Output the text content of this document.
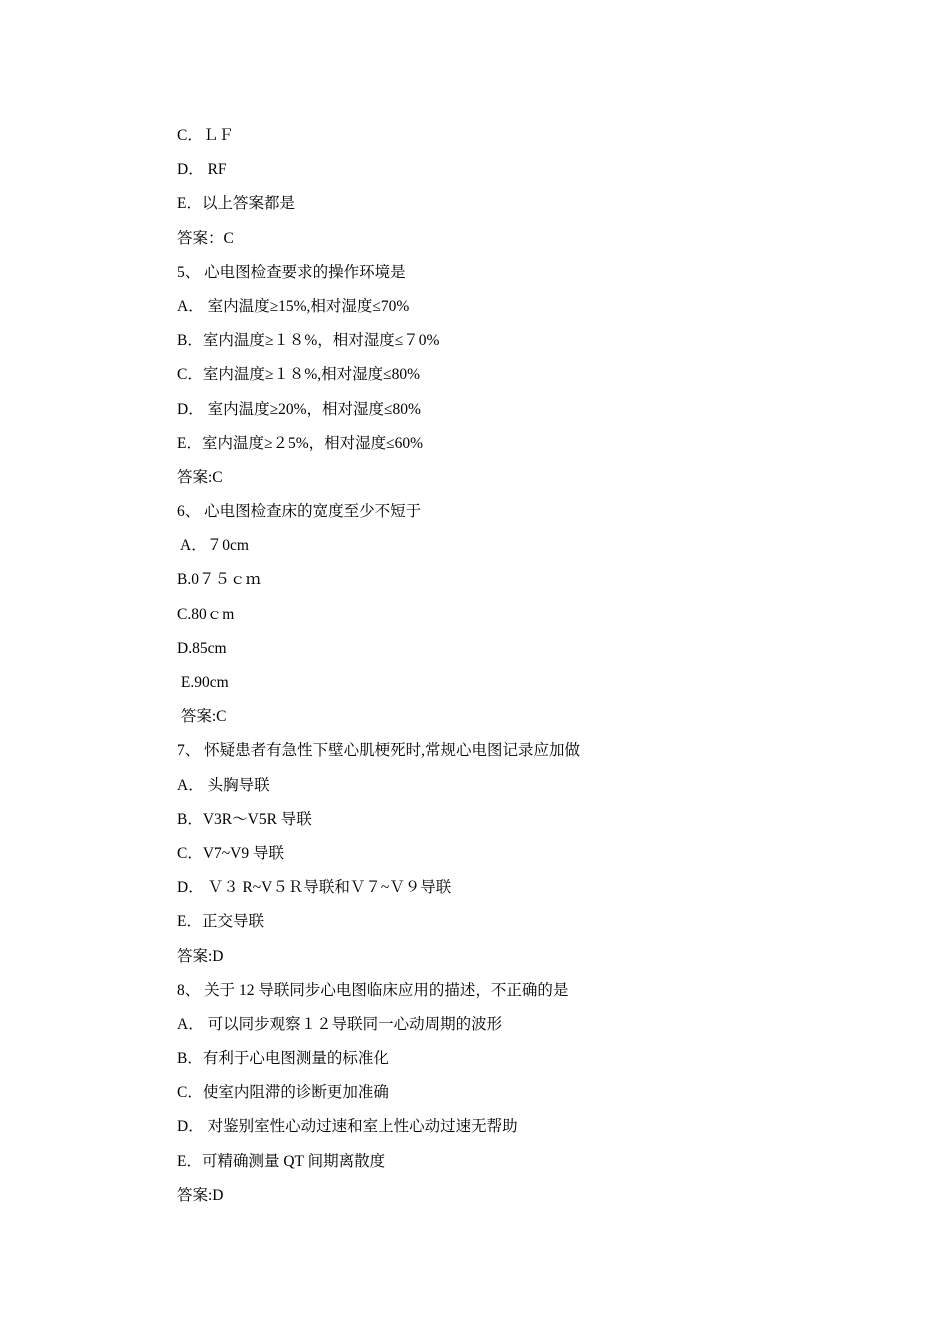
C．ＬＦ
D． RF
E．以上答案都是
答案：C
5、 心电图检查要求的操作环境是
A． 室内温度≥15%,相对湿度≤70%
B．室内温度≥１８%，相对湿度≤７0%
C．室内温度≥１８%,相对湿度≤80%
D． 室内温度≥20%，相对湿度≤80%
E．室内温度≥２5%，相对湿度≤60%
答案:C
6、 心电图检查床的宽度至少不短于
A．７0cm
B.0７５ｃｍ
C.80ｃm
D.85cm
E.90cm
答案:C
7、 怀疑患者有急性下壁心肌梗死时,常规心电图记录应加做
A． 头胸导联
B．V3R～V5R 导联
C．V7~V9 导联
D． Ｖ３ R~V５Ｒ导联和Ｖ７~Ｖ９导联
E．正交导联
答案:D
8、 关于 12 导联同步心电图临床应用的描述，不正确的是
A． 可以同步观察１２导联同一心动周期的波形
B．有利于心电图测量的标准化
C．使室内阻滞的诊断更加准确
D． 对鉴别室性心动过速和室上性心动过速无帮助
E．可精确测量 QT 间期离散度
答案:D
